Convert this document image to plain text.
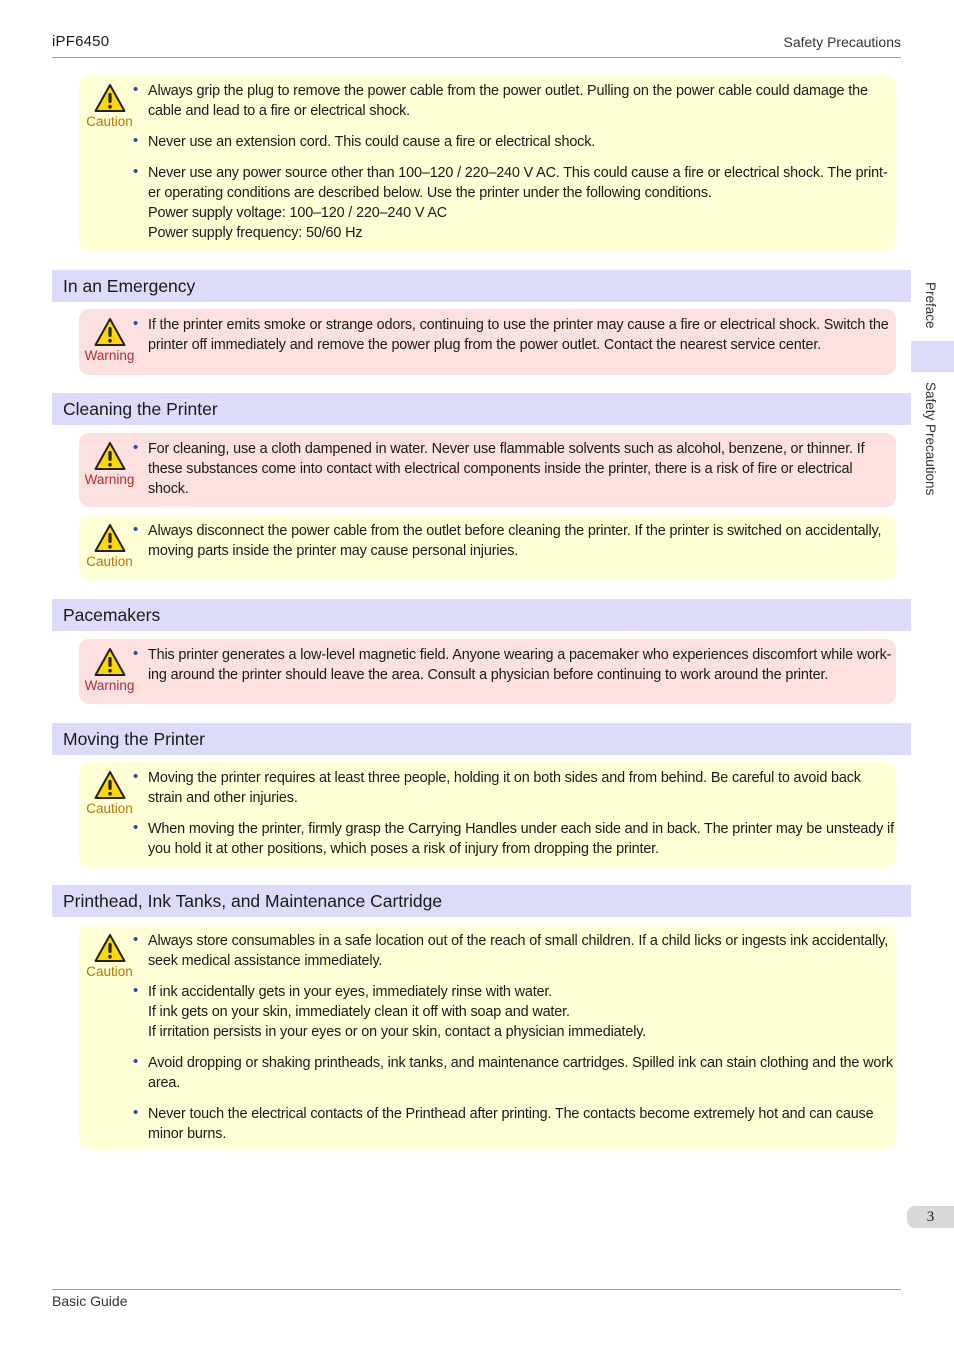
iPF6450	Safety Precautions
Caution
• Always grip the plug to remove the power cable from the power outlet. Pulling on the power cable could damage the
cable and lead to a fire or electrical shock.
• Never use an extension cord. This could cause a fire or electrical shock.
• Never use any power source other than 100–120 / 220–240 V AC. This could cause a fire or electrical shock. The print-
er operating conditions are described below. Use the printer under the following conditions.
Power supply voltage: 100–120 / 220–240 V AC
Power supply frequency: 50/60 Hz
In an Emergency
Warning
• If the printer emits smoke or strange odors, continuing to use the printer may cause a fire or electrical shock. Switch the
printer off immediately and remove the power plug from the power outlet. Contact the nearest service center.
Cleaning the Printer
Warning
• For cleaning, use a cloth dampened in water. Never use flammable solvents such as alcohol, benzene, or thinner. If
these substances come into contact with electrical components inside the printer, there is a risk of fire or electrical
shock.
Caution
• Always disconnect the power cable from the outlet before cleaning the printer. If the printer is switched on accidentally,
moving parts inside the printer may cause personal injuries.
Pacemakers
Warning
• This printer generates a low-level magnetic field. Anyone wearing a pacemaker who experiences discomfort while work-
ing around the printer should leave the area. Consult a physician before continuing to work around the printer.
Moving the Printer
Caution
• Moving the printer requires at least three people, holding it on both sides and from behind. Be careful to avoid back
strain and other injuries.
• When moving the printer, firmly grasp the Carrying Handles under each side and in back. The printer may be unsteady if
you hold it at other positions, which poses a risk of injury from dropping the printer.
Printhead, Ink Tanks, and Maintenance Cartridge
Caution
• Always store consumables in a safe location out of the reach of small children. If a child licks or ingests ink accidentally,
seek medical assistance immediately.
• If ink accidentally gets in your eyes, immediately rinse with water.
If ink gets on your skin, immediately clean it off with soap and water.
If irritation persists in your eyes or on your skin, contact a physician immediately.
• Avoid dropping or shaking printheads, ink tanks, and maintenance cartridges. Spilled ink can stain clothing and the work
area.
• Never touch the electrical contacts of the Printhead after printing. The contacts become extremely hot and can cause
minor burns.
Preface
Safety Precautions
3
Basic Guide
